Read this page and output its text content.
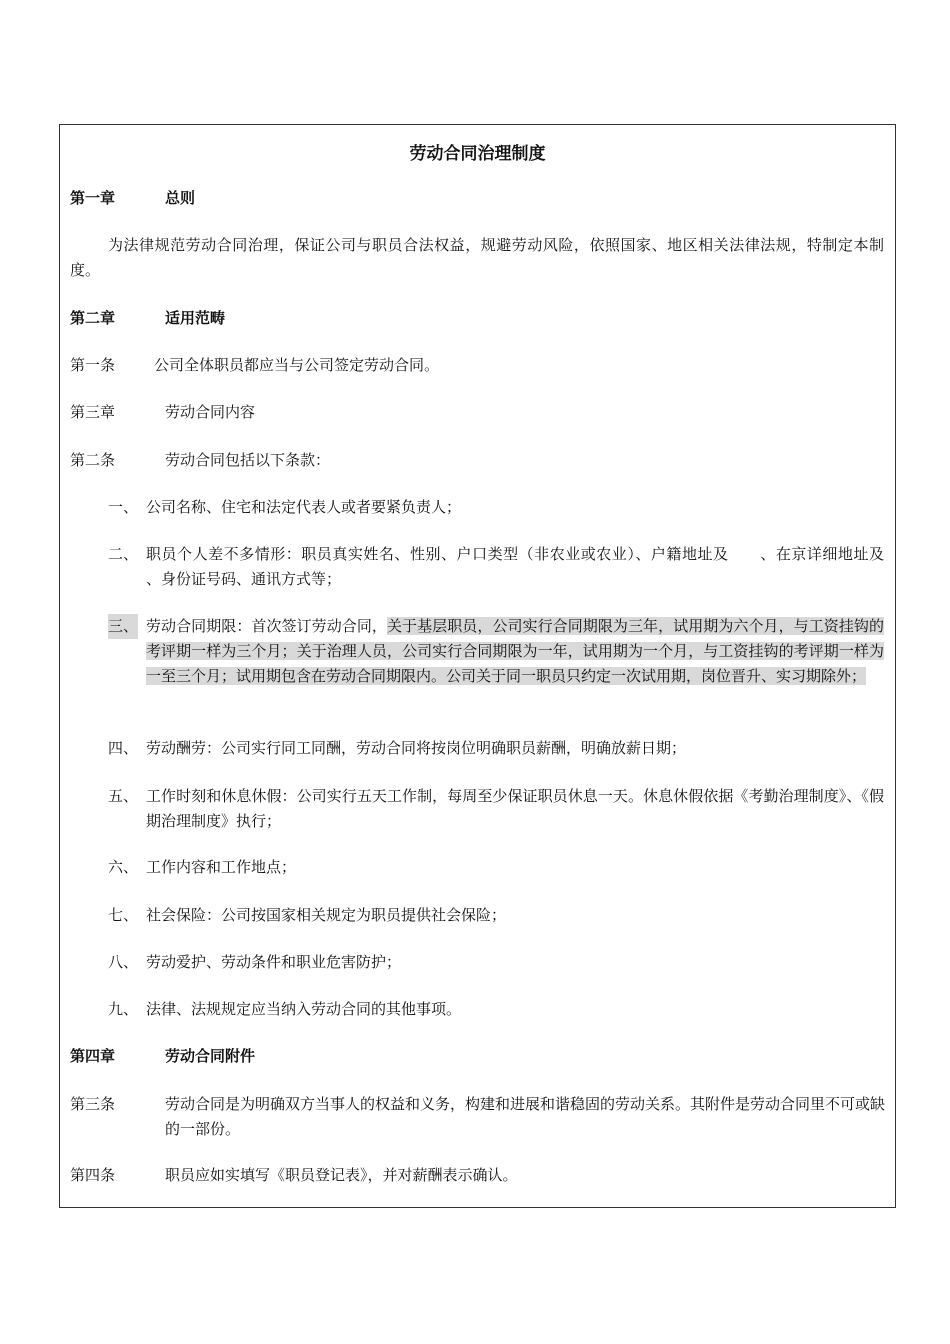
劳动合同治理制度
第一章	总则
为法律规范劳动合同治理，保证公司与职员合法权益，规避劳动风险，依照国家、地区相关法律法规，特制定本制度。
第二章	适用范畴
第一条	公司全体职员都应当与公司签定劳动合同。
第三章	劳动合同内容
第二条	劳动合同包括以下条款：
一、 公司名称、住宅和法定代表人或者要紧负责人；
二、 职员个人差不多情形：职员真实姓名、性别、户口类型（非农业或农业）、户籍地址及      、在京详细地址及      、身份证号码、通讯方式等；
三、 劳动合同期限：首次签订劳动合同，关于基层职员，公司实行合同期限为三年，试用期为六个月，与工资挂钩的考评期一样为三个月；关于治理人员，公司实行合同期限为一年，试用期为一个月，与工资挂钩的考评期一样为一至三个月；试用期包含在劳动合同期限内。公司关于同一职员只约定一次试用期，岗位晋升、实习期除外；
四、 劳动酬劳：公司实行同工同酬，劳动合同将按岗位明确职员薪酬，明确放薪日期；
五、 工作时刻和休息休假：公司实行五天工作制，每周至少保证职员休息一天。休息休假依据《考勤治理制度》、《假期治理制度》执行；
六、 工作内容和工作地点；
七、 社会保险：公司按国家相关规定为职员提供社会保险；
八、 劳动爱护、劳动条件和职业危害防护；
九、 法律、法规规定应当纳入劳动合同的其他事项。
第四章	劳动合同附件
第三条	劳动合同是为明确双方当事人的权益和义务，构建和进展和谐稳固的劳动关系。其附件是劳动合同里不可或缺的一部份。
第四条	职员应如实填写《职员登记表》，并对薪酬表示确认。
